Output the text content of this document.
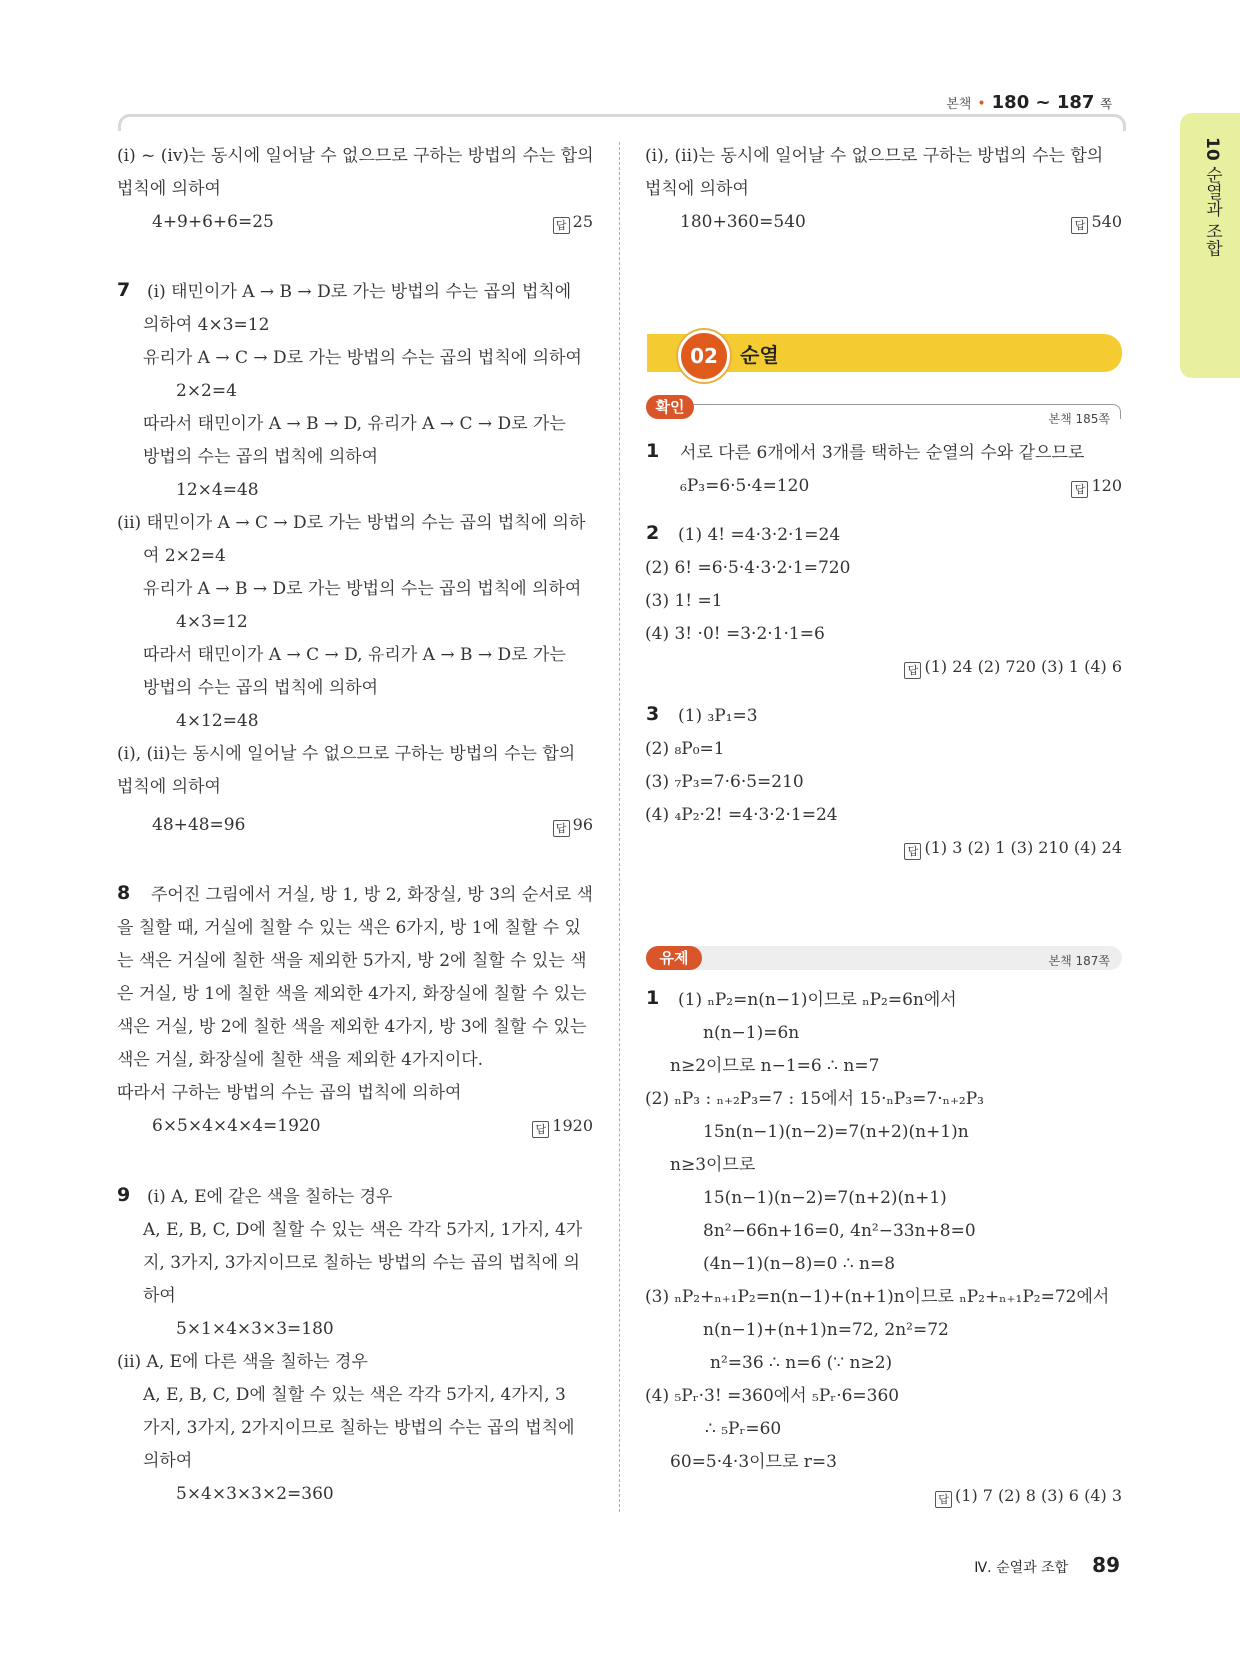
본책 • 180 ~ 187 쪽
10 순열과 조합
(i) ~ (iv)는 동시에 일어날 수 없으므로 구하는 방법의 수는 합의
법칙에 의하여
4+9+6+6=25	답 25
7 (i) 태민이가 A → B → D로 가는 방법의 수는 곱의 법칙에
의하여 4×3=12
유리가 A → C → D로 가는 방법의 수는 곱의 법칙에 의하여
2×2=4
따라서 태민이가 A → B → D, 유리가 A → C → D로 가는
방법의 수는 곱의 법칙에 의하여
12×4=48
(ii) 태민이가 A → C → D로 가는 방법의 수는 곱의 법칙에 의하
여 2×2=4
유리가 A → B → D로 가는 방법의 수는 곱의 법칙에 의하여
4×3=12
따라서 태민이가 A → C → D, 유리가 A → B → D로 가는
방법의 수는 곱의 법칙에 의하여
4×12=48
(i), (ii)는 동시에 일어날 수 없으므로 구하는 방법의 수는 합의
법칙에 의하여
48+48=96	답 96
8 주어진 그림에서 거실, 방 1, 방 2, 화장실, 방 3의 순서로 색
을 칠할 때, 거실에 칠할 수 있는 색은 6가지, 방 1에 칠할 수 있
는 색은 거실에 칠한 색을 제외한 5가지, 방 2에 칠할 수 있는 색
은 거실, 방 1에 칠한 색을 제외한 4가지, 화장실에 칠할 수 있는
색은 거실, 방 2에 칠한 색을 제외한 4가지, 방 3에 칠할 수 있는
색은 거실, 화장실에 칠한 색을 제외한 4가지이다.
따라서 구하는 방법의 수는 곱의 법칙에 의하여
6×5×4×4×4=1920	답 1920
9 (i) A, E에 같은 색을 칠하는 경우
A, E, B, C, D에 칠할 수 있는 색은 각각 5가지, 1가지, 4가
지, 3가지, 3가지이므로 칠하는 방법의 수는 곱의 법칙에 의
하여
5×1×4×3×3=180
(ii) A, E에 다른 색을 칠하는 경우
A, E, B, C, D에 칠할 수 있는 색은 각각 5가지, 4가지, 3
가지, 3가지, 2가지이므로 칠하는 방법의 수는 곱의 법칙에
의하여
5×4×3×3×2=360
(i), (ii)는 동시에 일어날 수 없으므로 구하는 방법의 수는 합의
법칙에 의하여
180+360=540	답 540
02	순열
확인
본책 185쪽
1 서로 다른 6개에서 3개를 택하는 순열의 수와 같으므로
₆P₃=6·5·4=120	답 120
2 (1) 4! =4·3·2·1=24
(2) 6! =6·5·4·3·2·1=720
(3) 1! =1
(4) 3! ·0! =3·2·1·1=6
답 (1) 24 (2) 720 (3) 1 (4) 6
3 (1) ₃P₁=3
(2) ₈P₀=1
(3) ₇P₃=7·6·5=210
(4) ₄P₂·2! =4·3·2·1=24
답 (1) 3 (2) 1 (3) 210 (4) 24
유제	본책 187쪽
1 (1) ₙP₂=n(n−1)이므로 ₙP₂=6n에서
n(n−1)=6n
n≥2이므로 n−1=6 ∴ n=7
(2) ₙP₃ : ₙ₊₂P₃=7 : 15에서 15·ₙP₃=7·ₙ₊₂P₃
15n(n−1)(n−2)=7(n+2)(n+1)n
n≥3이므로
15(n−1)(n−2)=7(n+2)(n+1)
8n²−66n+16=0, 4n²−33n+8=0
(4n−1)(n−8)=0 ∴ n=8
(3) ₙP₂+ₙ₊₁P₂=n(n−1)+(n+1)n이므로 ₙP₂+ₙ₊₁P₂=72에서
n(n−1)+(n+1)n=72, 2n²=72
n²=36 ∴ n=6 (∵ n≥2)
(4) ₅Pᵣ·3! =360에서 ₅Pᵣ·6=360
∴ ₅Pᵣ=60
60=5·4·3이므로 r=3
답 (1) 7 (2) 8 (3) 6 (4) 3
Ⅳ. 순열과 조합 89
